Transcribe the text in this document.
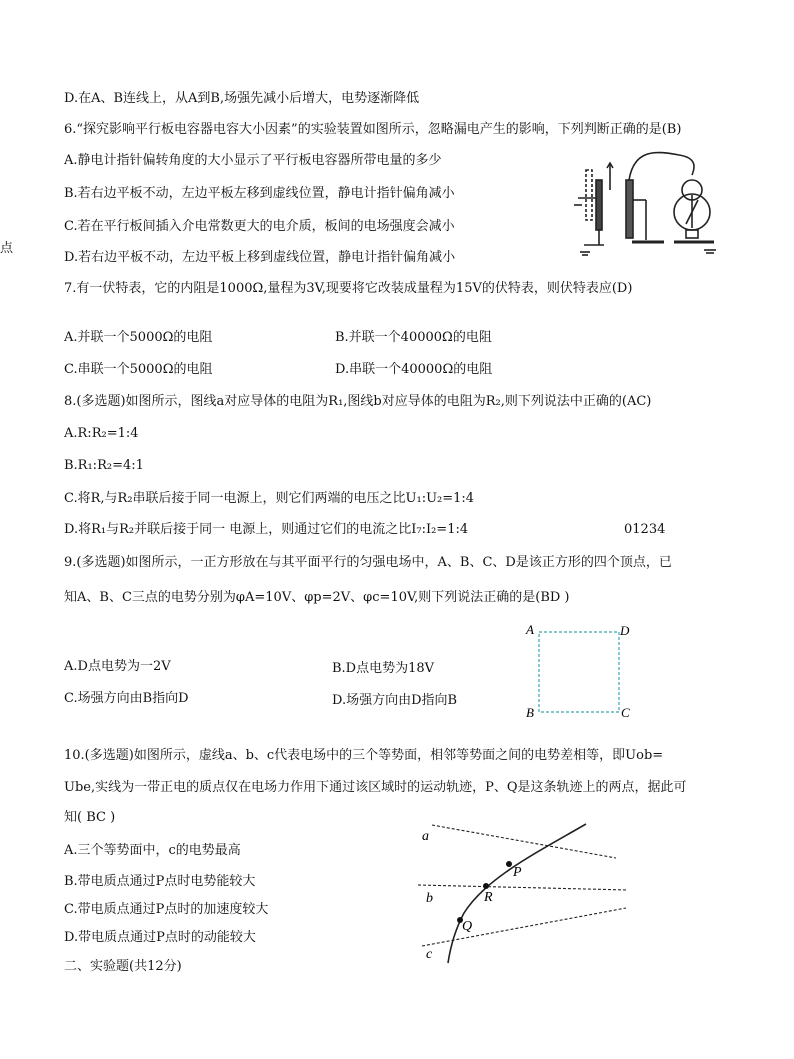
点
D.在A、B连线上，从A到B,场强先减小后增大，电势逐渐降低
6.“探究影响平行板电容器电容大小因素”的实验装置如图所示，忽略漏电产生的影响，下列判断正确的是(B)
A.静电计指针偏转角度的大小显示了平行板电容器所带电量的多少
B.若右边平板不动，左边平板左移到虚线位置，静电计指针偏角减小
C.若在平行板间插入介电常数更大的电介质，板间的电场强度会减小
D.若右边平板不动，左边平板上移到虚线位置，静电计指针偏角减小
7.有一伏特表，它的内阻是1000Ω,量程为3V,现要将它改装成量程为15V的伏特表，则伏特表应(D)
A.并联一个5000Ω的电阻	B.并联一个40000Ω的电阻
C.串联一个5000Ω的电阻	D.串联一个40000Ω的电阻
8.(多选题)如图所示，图线a对应导体的电阻为R₁,图线b对应导体的电阻为R₂,则下列说法中正确的(AC)
A.R:R₂=1:4
B.R₁:R₂=4:1
C.将R,与R₂串联后接于同一电源上，则它们两端的电压之比U₁:U₂=1:4
D.将R₁与R₂并联后接于同一 电源上，则通过它们的电流之比I₇:I₂=1:4	01234
9.(多选题)如图所示，一正方形放在与其平面平行的匀强电场中，A、B、C、D是该正方形的四个顶点，已
知A、B、C三点的电势分别为φA=10V、φp=2V、φc=10V,则下列说法正确的是(BD )
A.D点电势为一2V	B.D点电势为18V
C.场强方向由B指向D	D.场强方向由D指向B
A	D
B	C
10.(多选题)如图所示，虚线a、b、c代表电场中的三个等势面，相邻等势面之间的电势差相等，即Uob=
Ube,实线为一带正电的质点仅在电场力作用下通过该区域时的运动轨迹，P、Q是这条轨迹上的两点，据此可
知( BC )
A.三个等势面中，c的电势最高
B.带电质点通过P点时电势能较大
C.带电质点通过P点时的加速度较大
D.带电质点通过P点时的动能较大
二、实验题(共12分)
a
b
c
P
R
Q
